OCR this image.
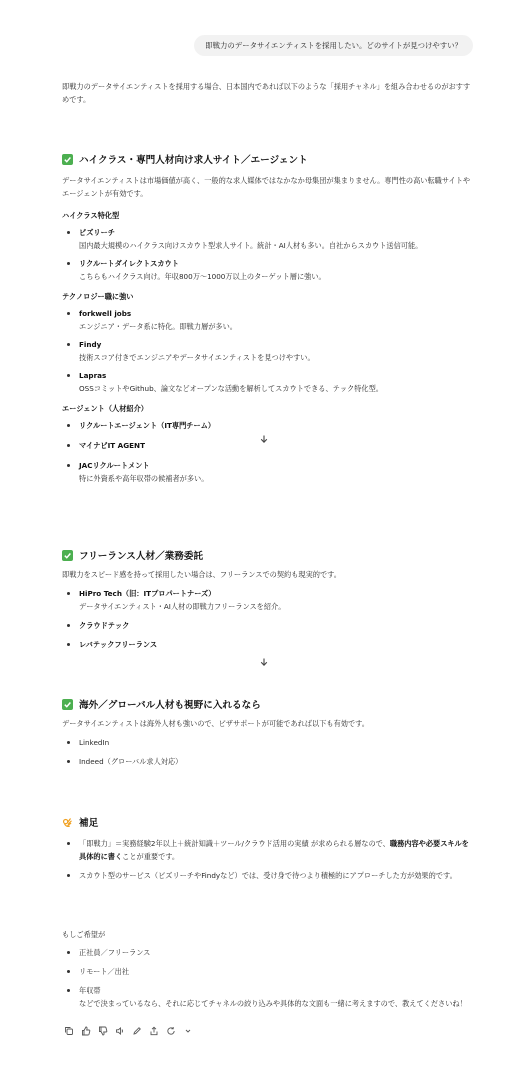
即戦力のデータサイエンティストを採用したい。どのサイトが見つけやすい？

即戦力のデータサイエンティストを採用する場合、日本国内であれば以下のような「採用チャネル」を組み合わせるのがおすすめです。

ハイクラス・専門人材向け求人サイト／エージェント

データサイエンティストは市場価値が高く、一般的な求人媒体ではなかなか母集団が集まりません。専門性の高い転職サイトやエージェントが有効です。

ハイクラス特化型

ビズリーチ
国内最大規模のハイクラス向けスカウト型求人サイト。統計・AI人材も多い。自社からスカウト送信可能。
リクルートダイレクトスカウト
こちらもハイクラス向け。年収800万〜1000万以上のターゲット層に強い。

テクノロジー職に強い

forkwell jobs
エンジニア・データ系に特化。即戦力層が多い。
Findy
技術スコア付きでエンジニアやデータサイエンティストを見つけやすい。
Lapras
OSSコミットやGithub、論文などオープンな活動を解析してスカウトできる、テック特化型。

エージェント（人材紹介）

リクルートエージェント（IT専門チーム）
マイナビIT AGENT
JACリクルートメント
特に外資系や高年収帯の候補者が多い。
フリーランス人材／業務委託

即戦力をスピード感を持って採用したい場合は、フリーランスでの契約も現実的です。

HiPro Tech（旧：ITプロパートナーズ）
データサイエンティスト・AI人材の即戦力フリーランスを紹介。
クラウドテック
レバテックフリーランス
海外／グローバル人材も視野に入れるなら

データサイエンティストは海外人材も強いので、ビザサポートが可能であれば以下も有効です。

LinkedIn
Indeed（グローバル求人対応）
補足
「即戦力」＝実務経験2年以上＋統計知識＋ツール/クラウド活用の実績 が求められる層なので、職務内容や必要スキルを具体的に書くことが重要です。
スカウト型のサービス（ビズリーチやFindyなど）では、受け身で待つより積極的にアプローチした方が効果的です。

もしご希望が

正社員／フリーランス
リモート／出社
年収帯

などで決まっているなら、それに応じてチャネルの絞り込みや具体的な文面も一緒に考えますので、教えてくださいね！
